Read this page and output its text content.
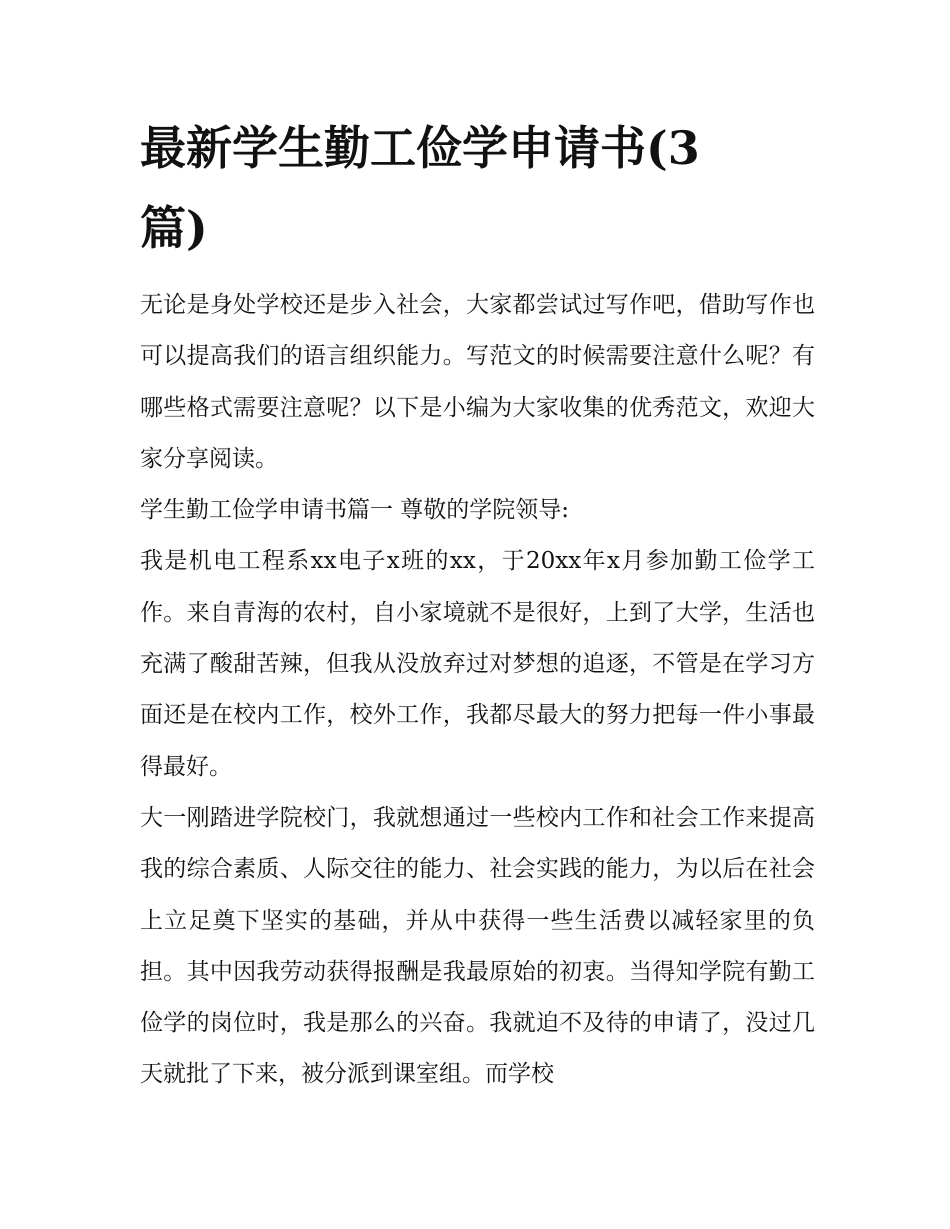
最新学生勤工俭学申请书(3篇)

无论是身处学校还是步入社会，大家都尝试过写作吧，借助写作也可以提高我们的语言组织能力。写范文的时候需要注意什么呢？有哪些格式需要注意呢？以下是小编为大家收集的优秀范文，欢迎大家分享阅读。

学生勤工俭学申请书篇一 尊敬的学院领导:

我是机电工程系xx电子x班的xx，于20xx年x月参加勤工俭学工作。来自青海的农村，自小家境就不是很好，上到了大学，生活也充满了酸甜苦辣，但我从没放弃过对梦想的追逐，不管是在学习方面还是在校内工作，校外工作，我都尽最大的努力把每一件小事最得最好。

大一刚踏进学院校门，我就想通过一些校内工作和社会工作来提高我的综合素质、人际交往的能力、社会实践的能力，为以后在社会上立足奠下坚实的基础，并从中获得一些生活费以减轻家里的负担。其中因我劳动获得报酬是我最原始的初衷。当得知学院有勤工俭学的岗位时，我是那么的兴奋。我就迫不及待的申请了，没过几天就批了下来，被分派到课室组。而学校
